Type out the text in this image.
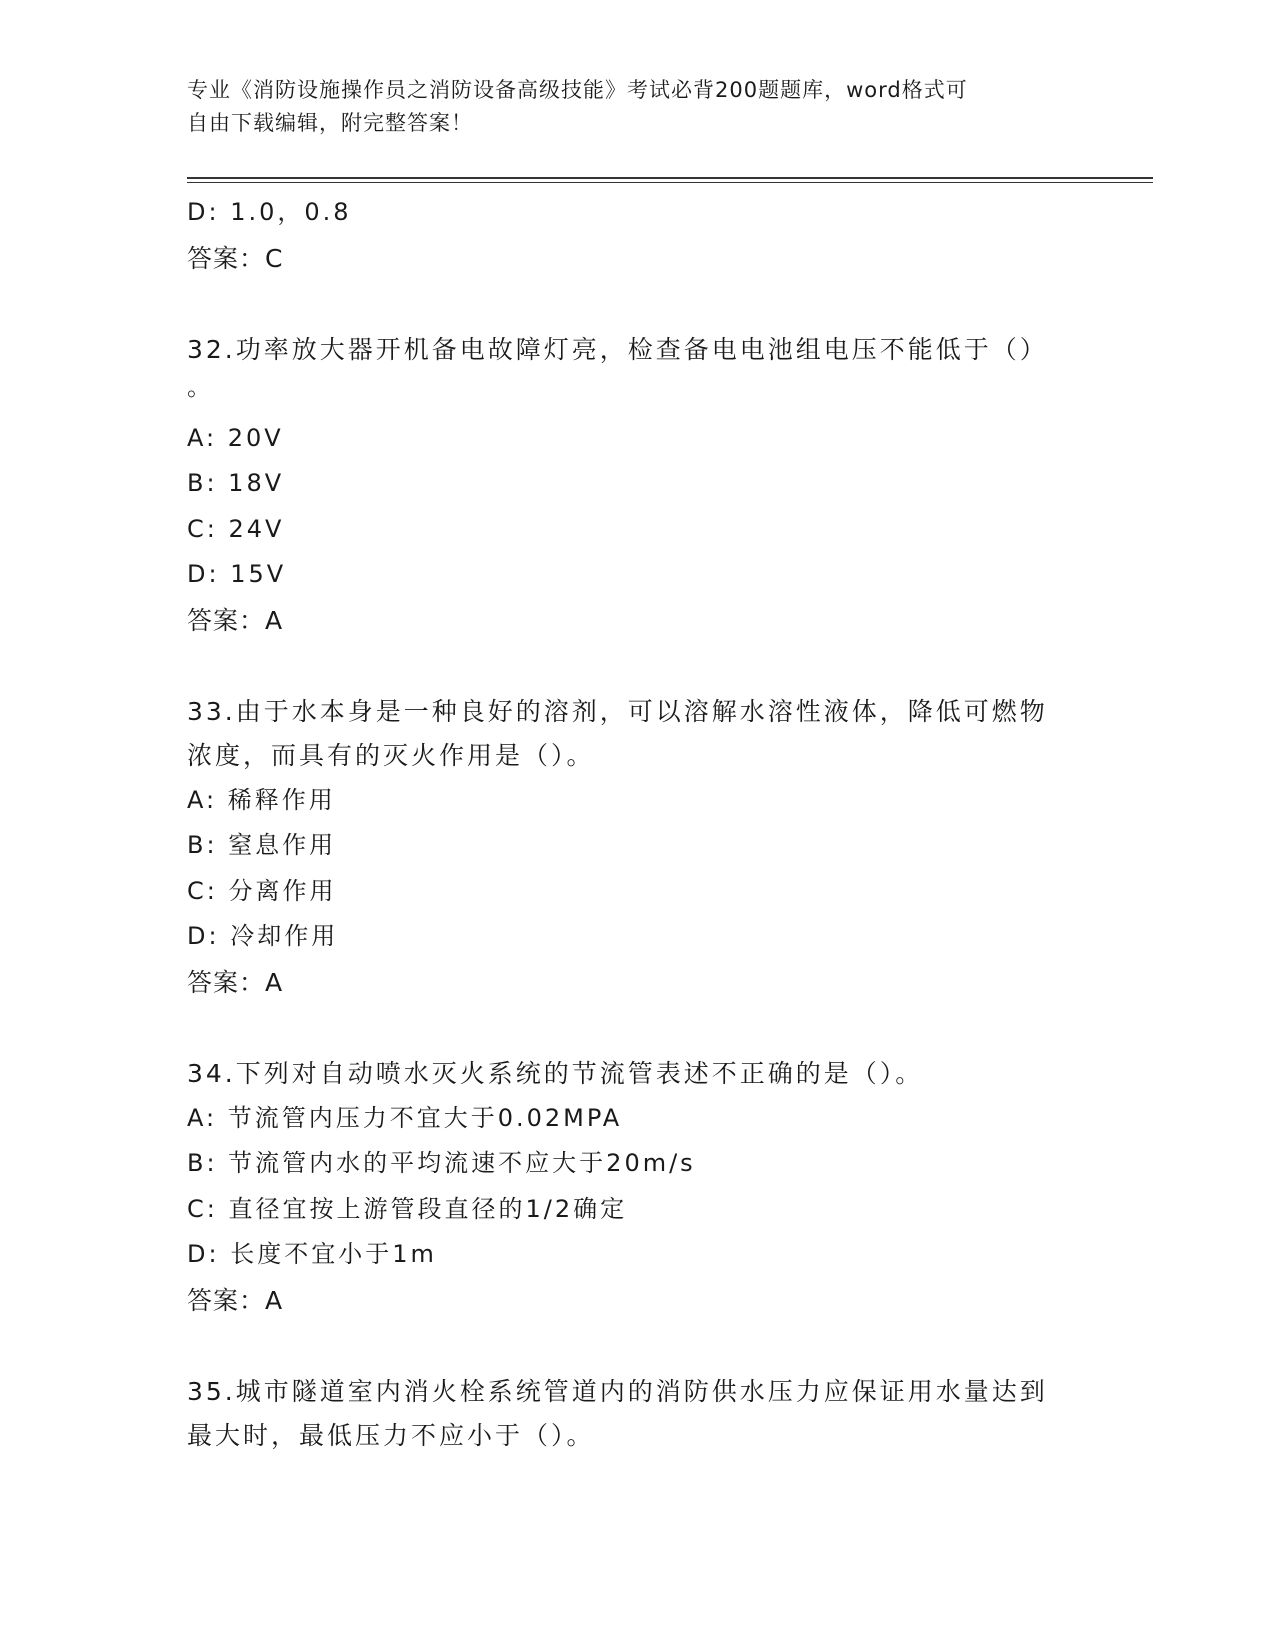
专业《消防设施操作员之消防设备高级技能》考试必背200题题库，word格式可
自由下载编辑，附完整答案！
D: 1.0，0.8
答案：C
32.功率放大器开机备电故障灯亮，检查备电电池组电压不能低于（）
。
A: 20V
B: 18V
C: 24V
D: 15V
答案：A
33.由于水本身是一种良好的溶剂，可以溶解水溶性液体，降低可燃物
浓度，而具有的灭火作用是（）。
A: 稀释作用
B: 窒息作用
C: 分离作用
D: 冷却作用
答案：A
34.下列对自动喷水灭火系统的节流管表述不正确的是（）。
A: 节流管内压力不宜大于0.02MPA
B: 节流管内水的平均流速不应大于20m/s
C: 直径宜按上游管段直径的1/2确定
D: 长度不宜小于1m
答案：A
35.城市隧道室内消火栓系统管道内的消防供水压力应保证用水量达到
最大时，最低压力不应小于（）。
